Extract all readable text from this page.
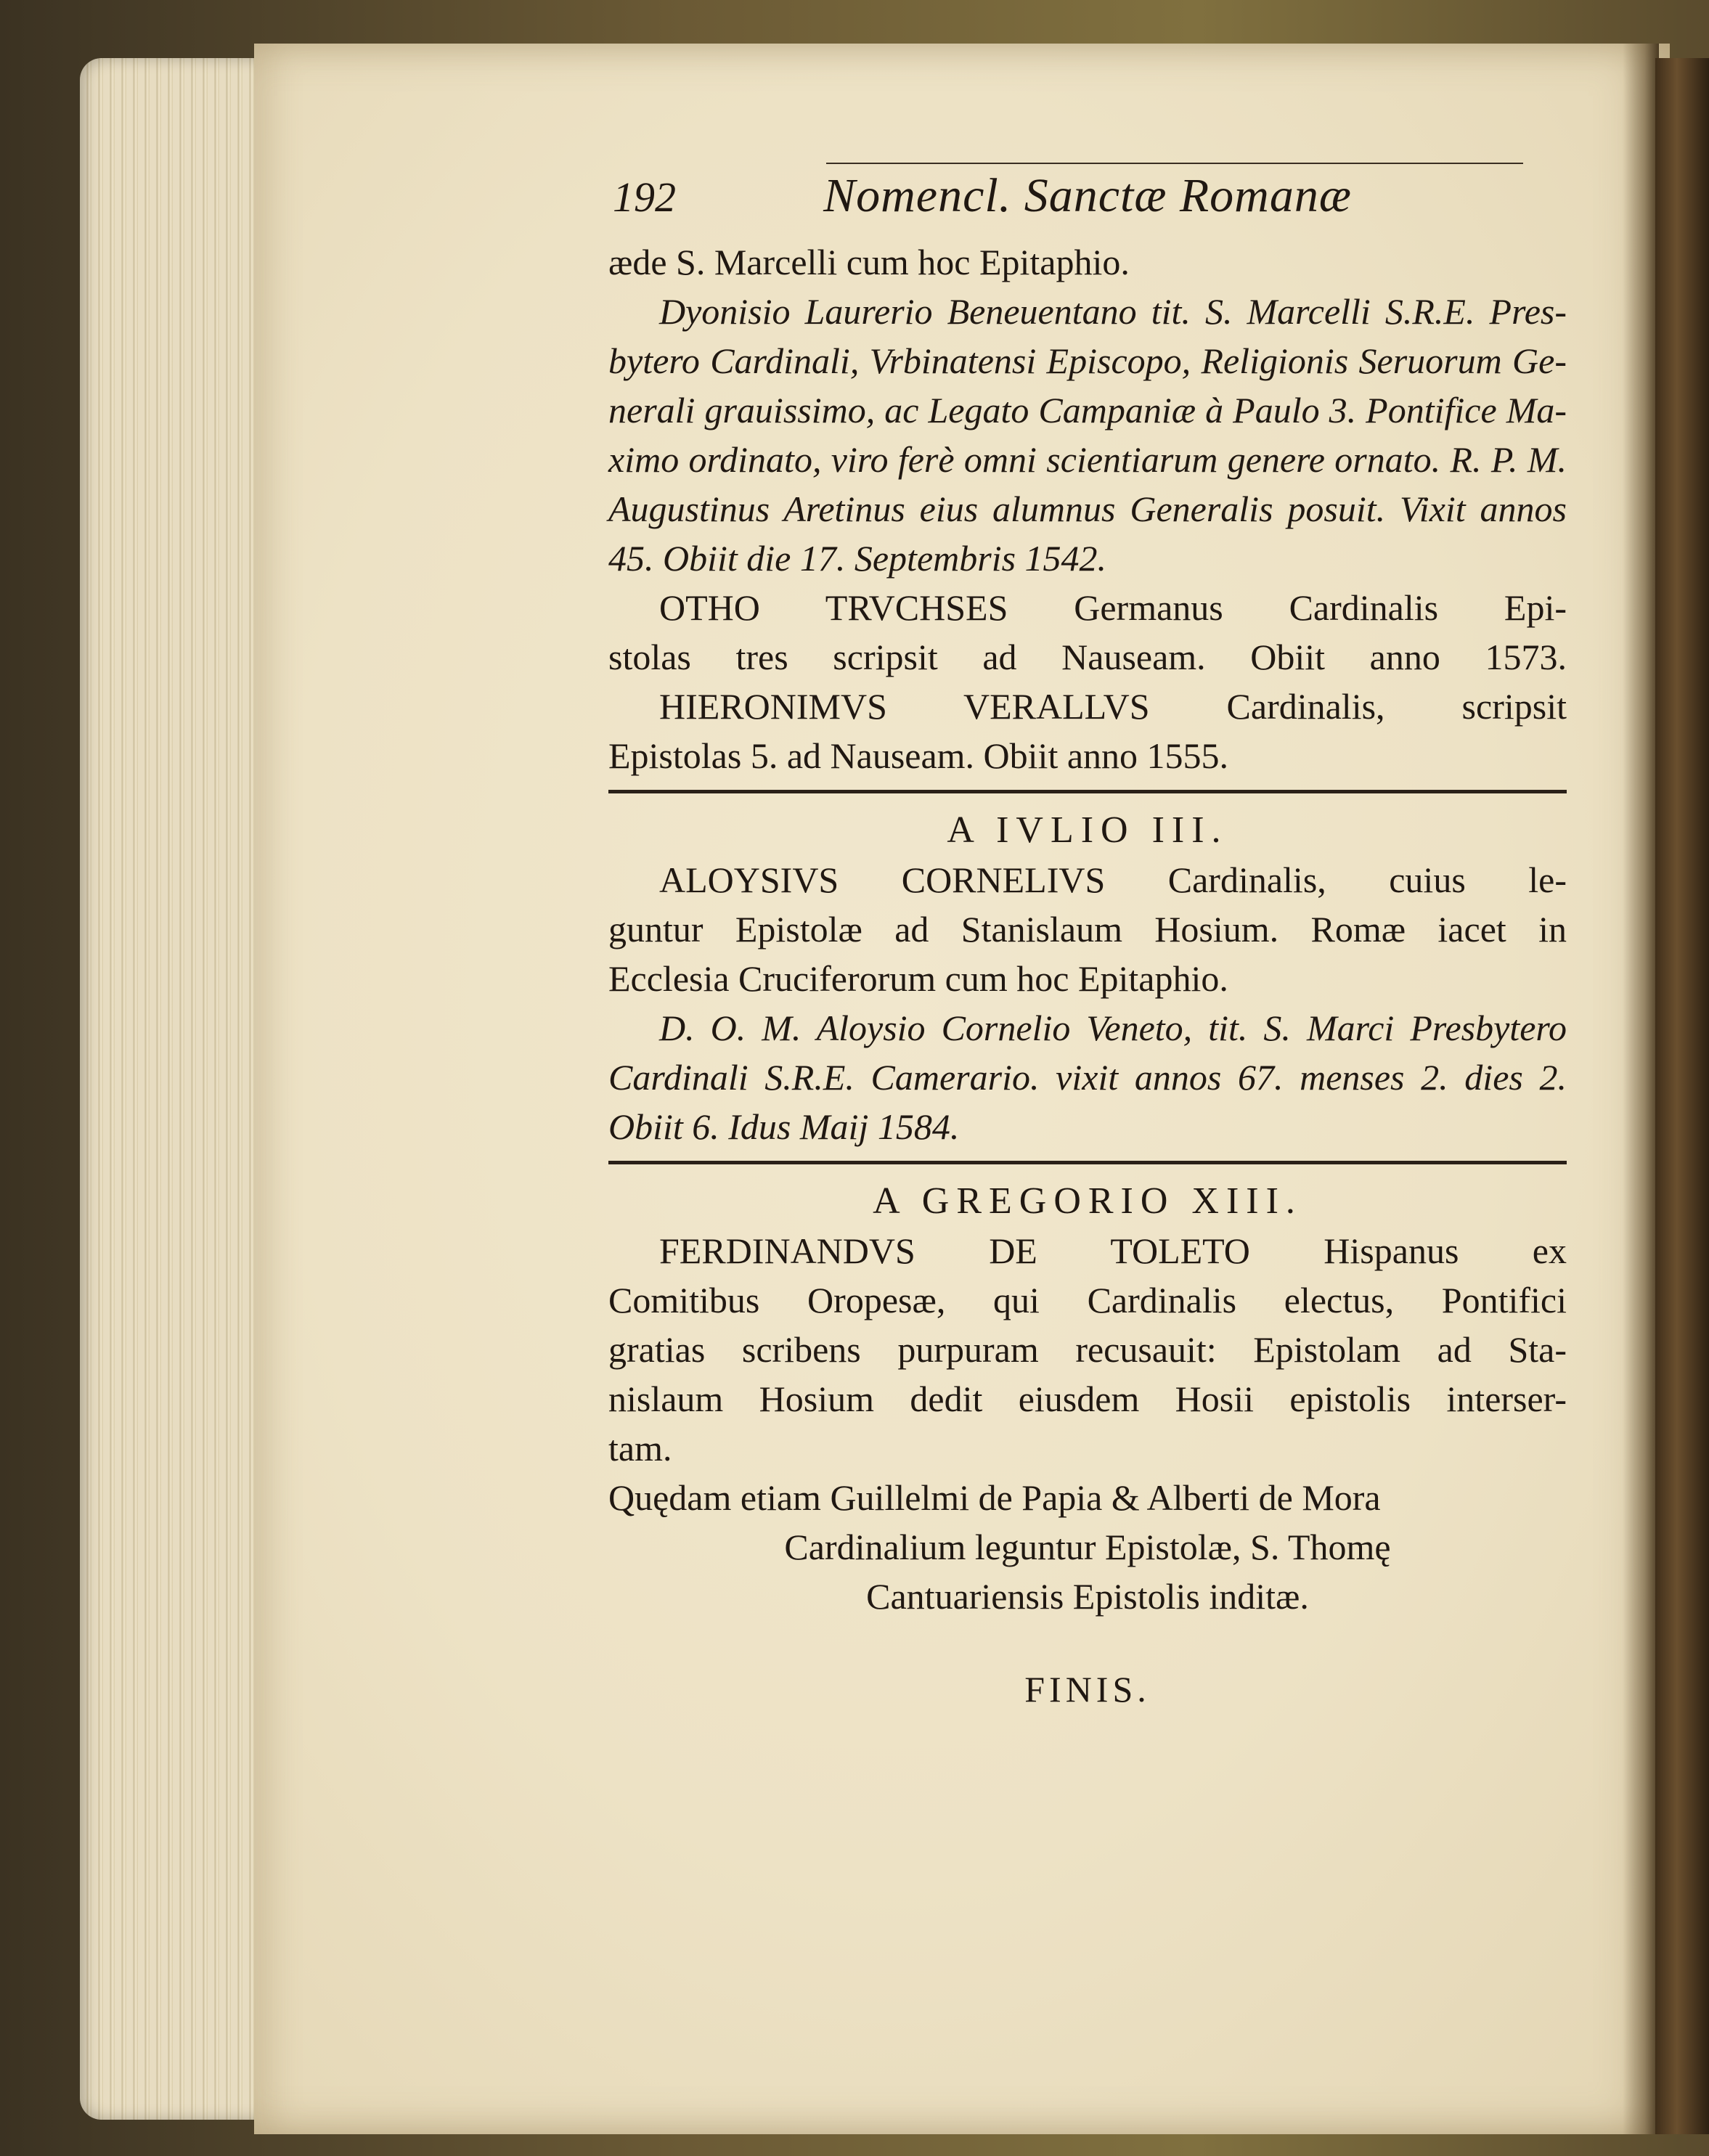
192	Nomencl. Sanctæ Romanæ
ӕde S. Marcelli cum hoc Epitaphio.
Dyonisio Laurerio Beneuentano tit. S. Marcelli S.R.E. Pres-
bytero Cardinali, Vrbinatensi Episcopo, Religionis Seruorum Ge-
nerali grauissimo, ac Legato Campaniæ à Paulo 3. Pontifice Ma-
ximo ordinato, viro ferè omni scientiarum genere ornato. R. P. M.
Augustinus Aretinus eius alumnus Generalis posuit. Vixit annos
45. Obiit die 17. Septembris 1542.
OTHO TRVCHSES Germanus Cardinalis Epi-
stolas tres scripsit ad Nauseam. Obiit anno 1573.
HIERONIMVS VERALLVS Cardinalis, scripsit
Epistolas 5. ad Nauseam. Obiit anno 1555.
A IVLIO III.
ALOYSIVS CORNELIVS Cardinalis, cuius le-
guntur Epistolæ ad Stanislaum Hosium. Romæ iacet in
Ecclesia Cruciferorum cum hoc Epitaphio.
D. O. M. Aloysio Cornelio Veneto, tit. S. Marci Presbytero
Cardinali S.R.E. Camerario. vixit annos 67. menses 2. dies 2.
Obiit 6. Idus Maij 1584.
A GREGORIO XIII.
FERDINANDVS DE TOLETO Hispanus ex
Comitibus Oropesæ, qui Cardinalis electus, Pontifici
gratias scribens purpuram recusauit: Epistolam ad Sta-
nislaum Hosium dedit eiusdem Hosii epistolis interser-
tam.
Quędam etiam Guillelmi de Papia & Alberti de Mora
Cardinalium leguntur Epistolæ, S. Thomę
Cantuariensis Epistolis inditæ.
FINIS.
